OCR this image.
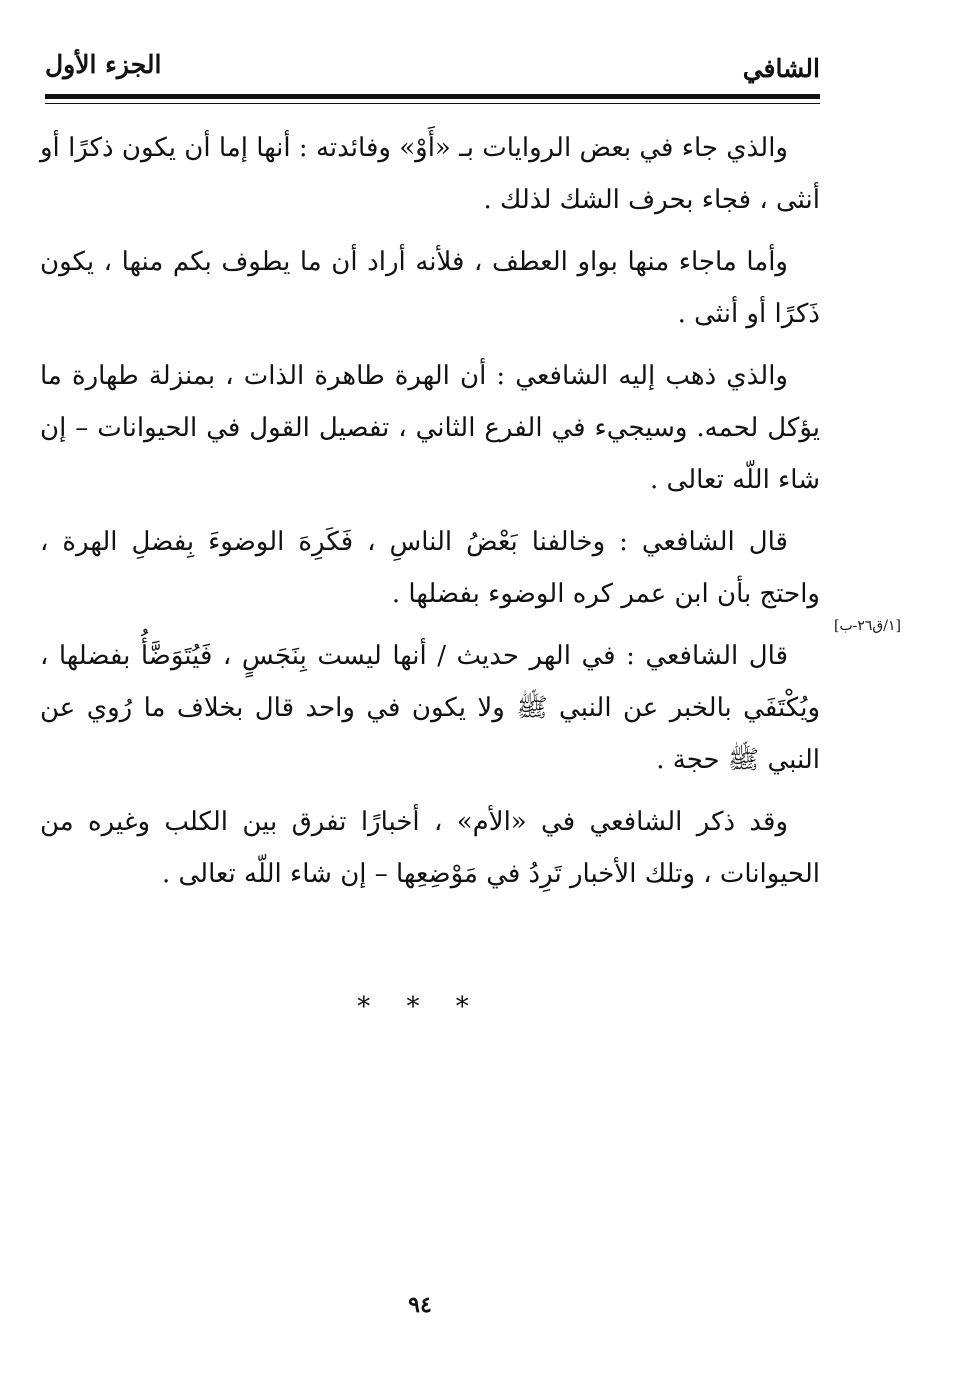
الشافي
الجزء الأول

والذي جاء في بعض الروايات بـ «أَوْ» وفائدته : أنها إما أن يكون ذكرًا أو أنثى ، فجاء بحرف الشك لذلك .

وأما ماجاء منها بواو العطف ، فلأنه أراد أن ما يطوف بكم منها ، يكون ذَكرًا أو أنثى .

والذي ذهب إليه الشافعي : أن الهرة طاهرة الذات ، بمنزلة طهارة ما يؤكل لحمه. وسيجيء في الفرع الثاني ، تفصيل القول في الحيوانات – إن شاء اللّه تعالى .

قال الشافعي : وخالفنا بَعْضُ الناسِ ، فَكَرِهَ الوضوءَ بِفضلِ الهرة ، واحتج بأن ابن عمر كره الوضوء بفضلها .

قال الشافعي : في الهر حديث / أنها ليست بِنَجَسٍ ، فَيُتَوَضَّأُ بفضلها ، ويُكْتَفَي بالخبر عن النبي ﷺ ولا يكون في واحد قال بخلاف ما رُوي عن النبي ﷺ حجة .

وقد ذكر الشافعي في «الأم» ، أخبارًا تفرق بين الكلب وغيره من الحيوانات ، وتلك الأخبار تَرِدُ في مَوْضِعِها – إن شاء اللّه تعالى .

[١/ق٢٦-ب]
* * *
٩٤
